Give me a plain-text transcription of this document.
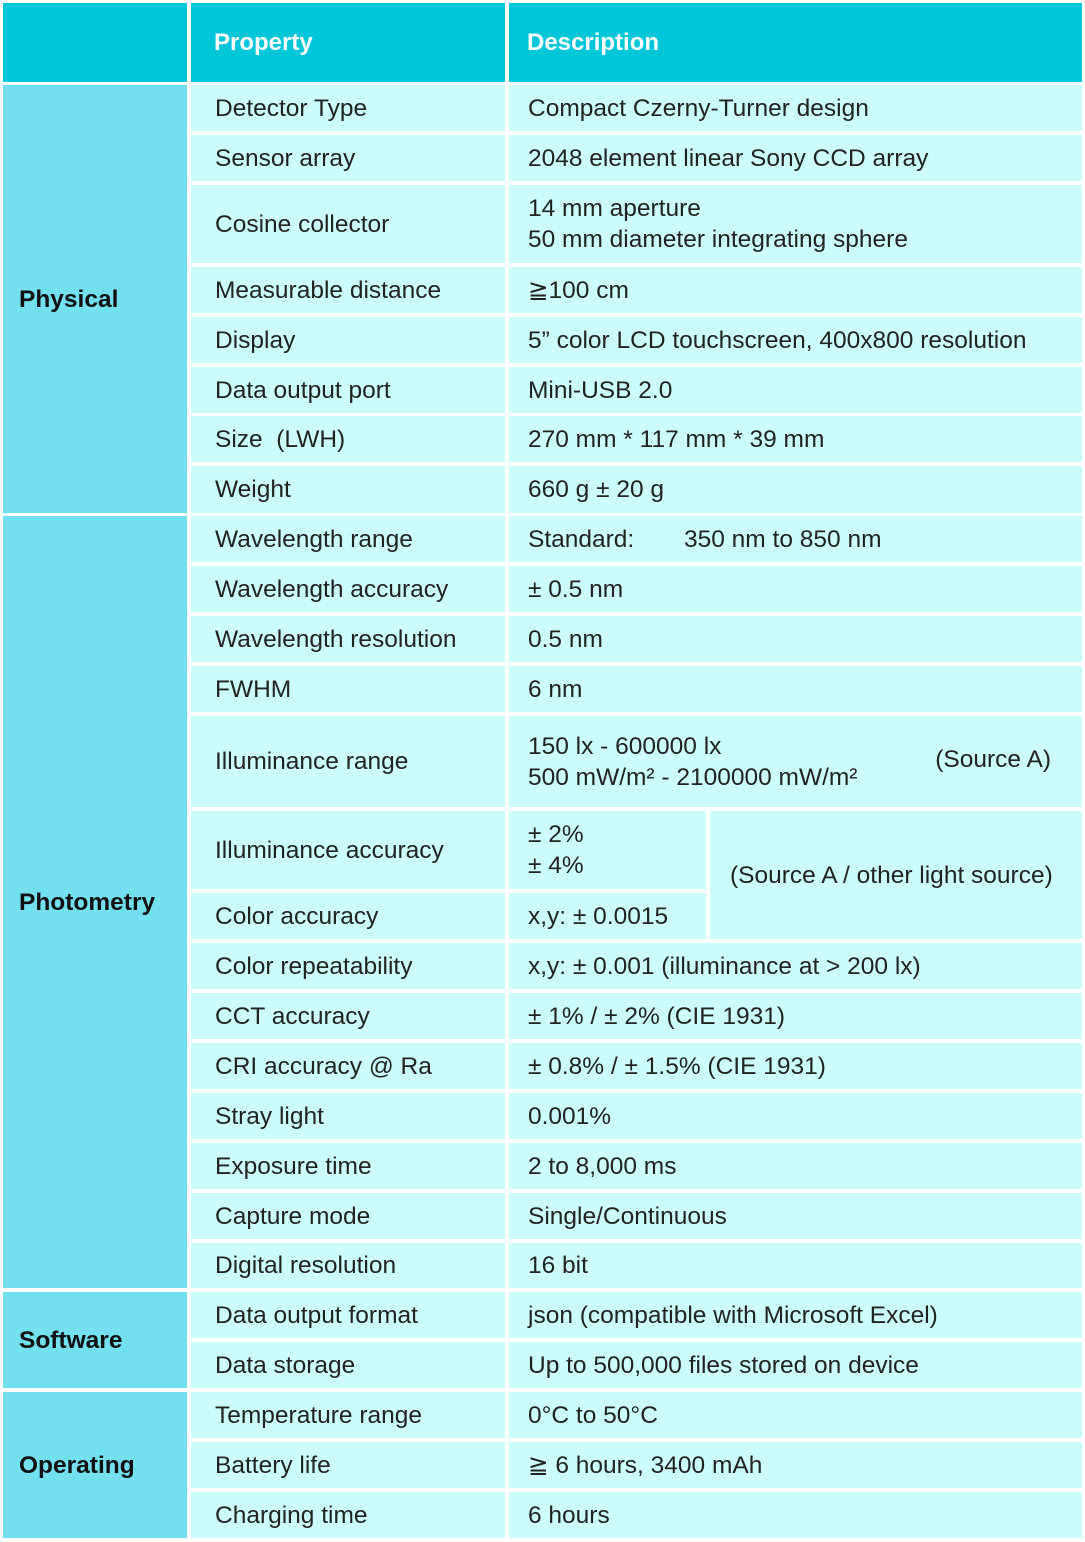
Property	Description
Physical
Photometry
Software
Operating
Detector Type
Sensor array
Cosine collector
Measurable distance
Display
Data output port
Size  (LWH)
Weight
Wavelength range
Wavelength accuracy
Wavelength resolution
FWHM
Illuminance range
Illuminance accuracy
Color accuracy
Color repeatability
CCT accuracy
CRI accuracy @ Ra
Stray light
Exposure time
Capture mode
Digital resolution
Data output format
Data storage
Temperature range
Battery life
Charging time
Compact Czerny-Turner design
2048 element linear Sony CCD array
14 mm aperture
50 mm diameter integrating sphere
≧100 cm
5” color LCD touchscreen, 400x800 resolution
Mini-USB 2.0
270 mm * 117 mm * 39 mm
660 g ± 20 g
Standard: 350 nm to 850 nm
± 0.5 nm
0.5 nm
6 nm
150 lx - 600000 lx
500 mW/m² - 2100000 mW/m²
(Source A)
± 2%
± 4%
x,y: ± 0.0015
(Source A / other light source)
x,y: ± 0.001 (illuminance at > 200 lx)
± 1% / ± 2% (CIE 1931)
± 0.8% / ± 1.5% (CIE 1931)
0.001%
2 to 8,000 ms
Single/Continuous
16 bit
json (compatible with Microsoft Excel)
Up to 500,000 files stored on device
0°C to 50°C
≧ 6 hours, 3400 mAh
6 hours
